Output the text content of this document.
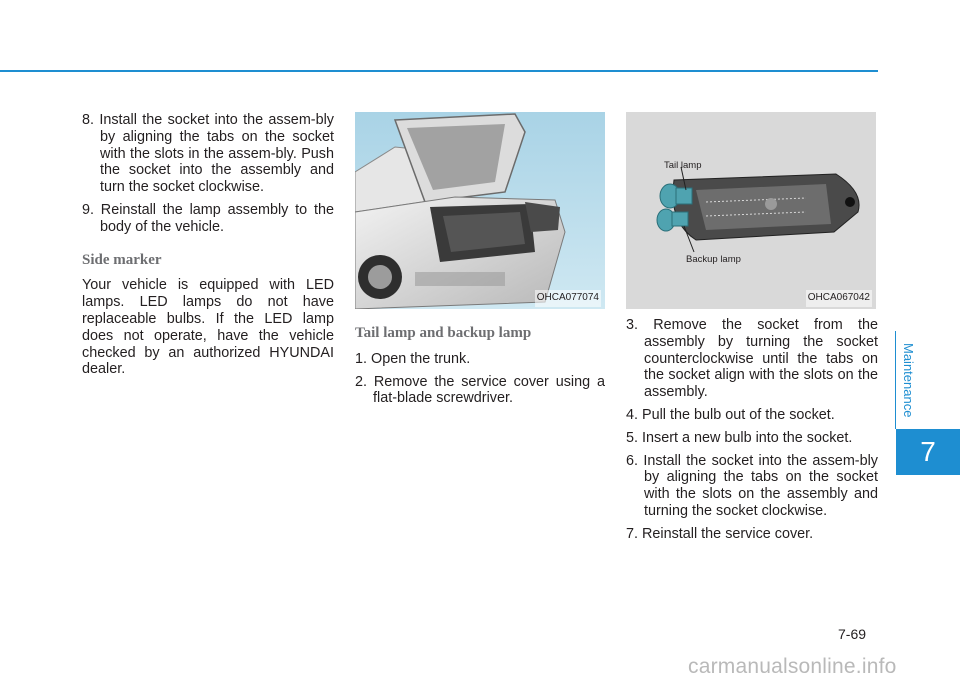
Maintenance
7

8. Install the socket into the assem-bly by aligning the tabs on the socket with the slots in the assem-bly. Push the socket into the assembly and turn the socket clockwise.

9. Reinstall the lamp assembly to the body of the vehicle.

Side marker

Your vehicle is equipped with LED lamps. LED lamps do not have replaceable bulbs. If the LED lamp does not operate, have the vehicle checked by an authorized HYUNDAI dealer.

OHCA077074
Tail lamp and backup lamp

1. Open the trunk.

2. Remove the service cover using a flat-blade screwdriver.

Tail lamp
Backup lamp
OHCA067042

3. Remove the socket from the assembly by turning the socket counterclockwise until the tabs on the socket align with the slots on the assembly.

4. Pull the bulb out of the socket.

5. Insert a new bulb into the socket.

6. Install the socket into the assem-bly by aligning the tabs on the socket with the slots on the assembly and turning the socket clockwise.

7. Reinstall the service cover.

7-69
carmanualsonline.info
